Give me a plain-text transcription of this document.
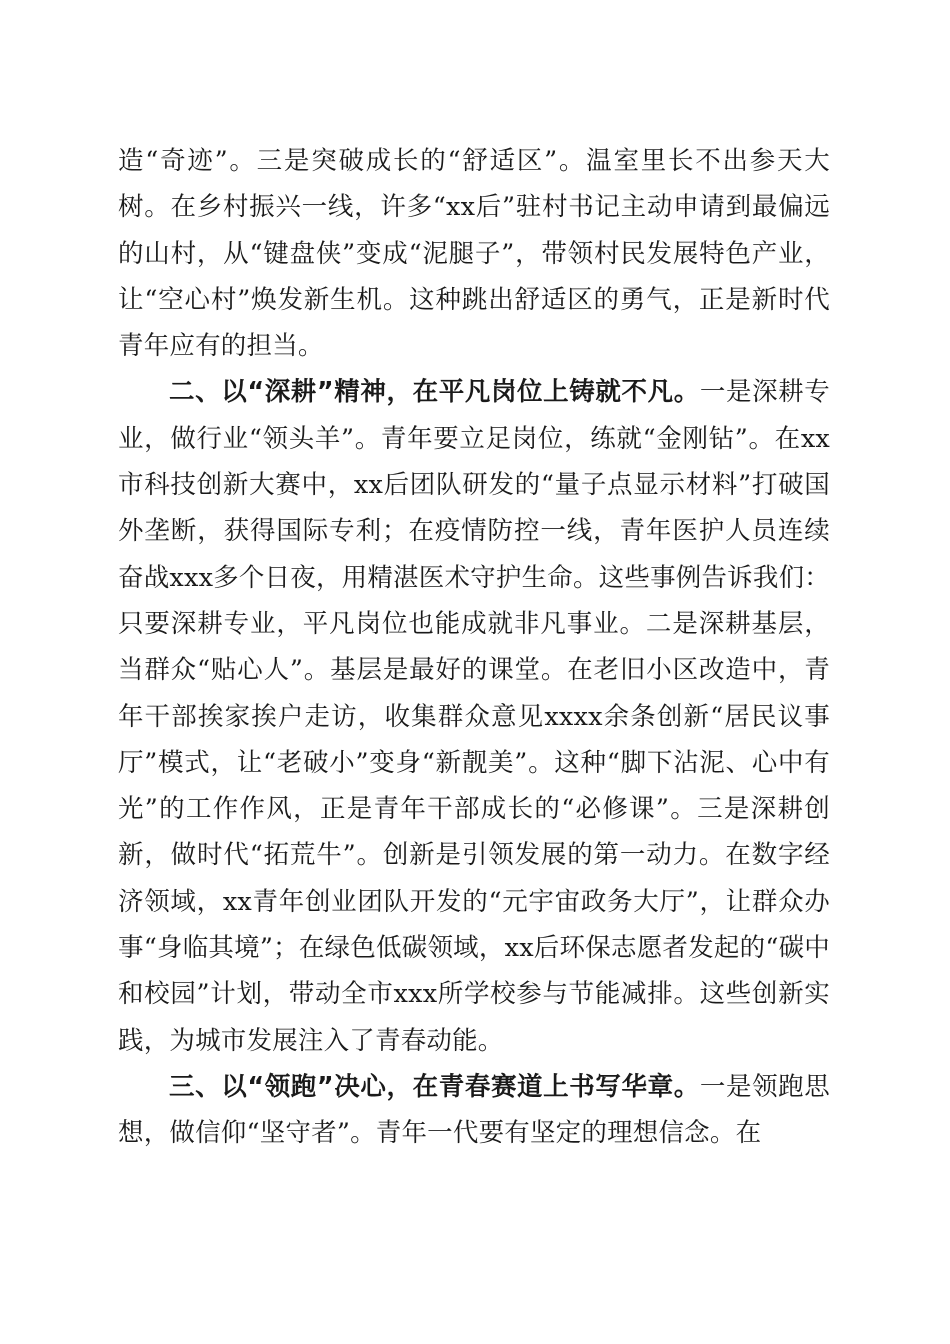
造“奇迹”。三是突破成长的“舒适区”。温室里长不出参天大树。在乡村振兴一线，许多“xx后”驻村书记主动申请到最偏远的山村，从“键盘侠”变成“泥腿子”，带领村民发展特色产业，让“空心村”焕发新生机。这种跳出舒适区的勇气，正是新时代青年应有的担当。

二、以“深耕”精神，在平凡岗位上铸就不凡。一是深耕专业，做行业“领头羊”。青年要立足岗位，练就“金刚钻”。在xx市科技创新大赛中，xx后团队研发的“量子点显示材料”打破国外垄断，获得国际专利；在疫情防控一线，青年医护人员连续奋战xxx多个日夜，用精湛医术守护生命。这些事例告诉我们：只要深耕专业，平凡岗位也能成就非凡事业。二是深耕基层，当群众“贴心人”。基层是最好的课堂。在老旧小区改造中，青年干部挨家挨户走访，收集群众意见xxxx余条创新“居民议事厅”模式，让“老破小”变身“新靓美”。这种“脚下沾泥、心中有光”的工作作风，正是青年干部成长的“必修课”。三是深耕创新，做时代“拓荒牛”。创新是引领发展的第一动力。在数字经济领域，xx青年创业团队开发的“元宇宙政务大厅”，让群众办事“身临其境”；在绿色低碳领域，xx后环保志愿者发起的“碳中和校园”计划，带动全市xxx所学校参与节能减排。这些创新实践，为城市发展注入了青春动能。

三、以“领跑”决心，在青春赛道上书写华章。一是领跑思想，做信仰“坚守者”。青年一代要有坚定的理想信念。在
